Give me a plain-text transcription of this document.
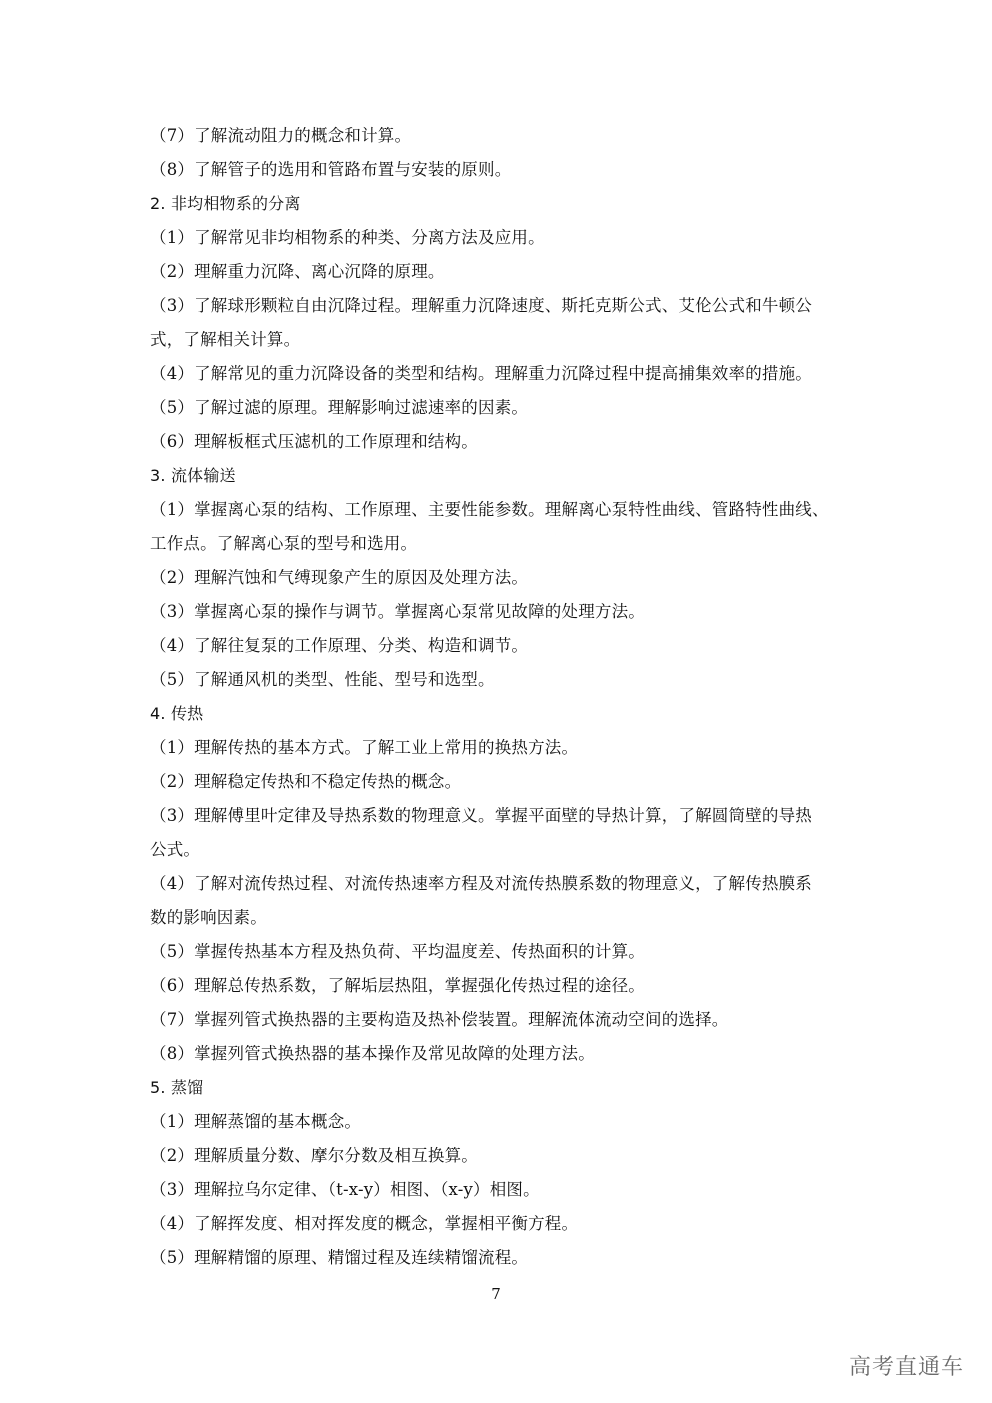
（7）了解流动阻力的概念和计算。
（8）了解管子的选用和管路布置与安装的原则。
2. 非均相物系的分离
（1）了解常见非均相物系的种类、分离方法及应用。
（2）理解重力沉降、离心沉降的原理。
（3）了解球形颗粒自由沉降过程。理解重力沉降速度、斯托克斯公式、艾伦公式和牛顿公
式，了解相关计算。
（4）了解常见的重力沉降设备的类型和结构。理解重力沉降过程中提高捕集效率的措施。
（5）了解过滤的原理。理解影响过滤速率的因素。
（6）理解板框式压滤机的工作原理和结构。
3. 流体输送
（1）掌握离心泵的结构、工作原理、主要性能参数。理解离心泵特性曲线、管路特性曲线、
工作点。了解离心泵的型号和选用。
（2）理解汽蚀和气缚现象产生的原因及处理方法。
（3）掌握离心泵的操作与调节。掌握离心泵常见故障的处理方法。
（4）了解往复泵的工作原理、分类、构造和调节。
（5）了解通风机的类型、性能、型号和选型。
4. 传热
（1）理解传热的基本方式。了解工业上常用的换热方法。
（2）理解稳定传热和不稳定传热的概念。
（3）理解傅里叶定律及导热系数的物理意义。掌握平面壁的导热计算，了解圆筒壁的导热
公式。
（4）了解对流传热过程、对流传热速率方程及对流传热膜系数的物理意义，了解传热膜系
数的影响因素。
（5）掌握传热基本方程及热负荷、平均温度差、传热面积的计算。
（6）理解总传热系数，了解垢层热阻，掌握强化传热过程的途径。
（7）掌握列管式换热器的主要构造及热补偿装置。理解流体流动空间的选择。
（8）掌握列管式换热器的基本操作及常见故障的处理方法。
5. 蒸馏
（1）理解蒸馏的基本概念。
（2）理解质量分数、摩尔分数及相互换算。
（3）理解拉乌尔定律、（t-x-y）相图、（x-y）相图。
（4）了解挥发度、相对挥发度的概念，掌握相平衡方程。
（5）理解精馏的原理、精馏过程及连续精馏流程。
7
高考直通车
